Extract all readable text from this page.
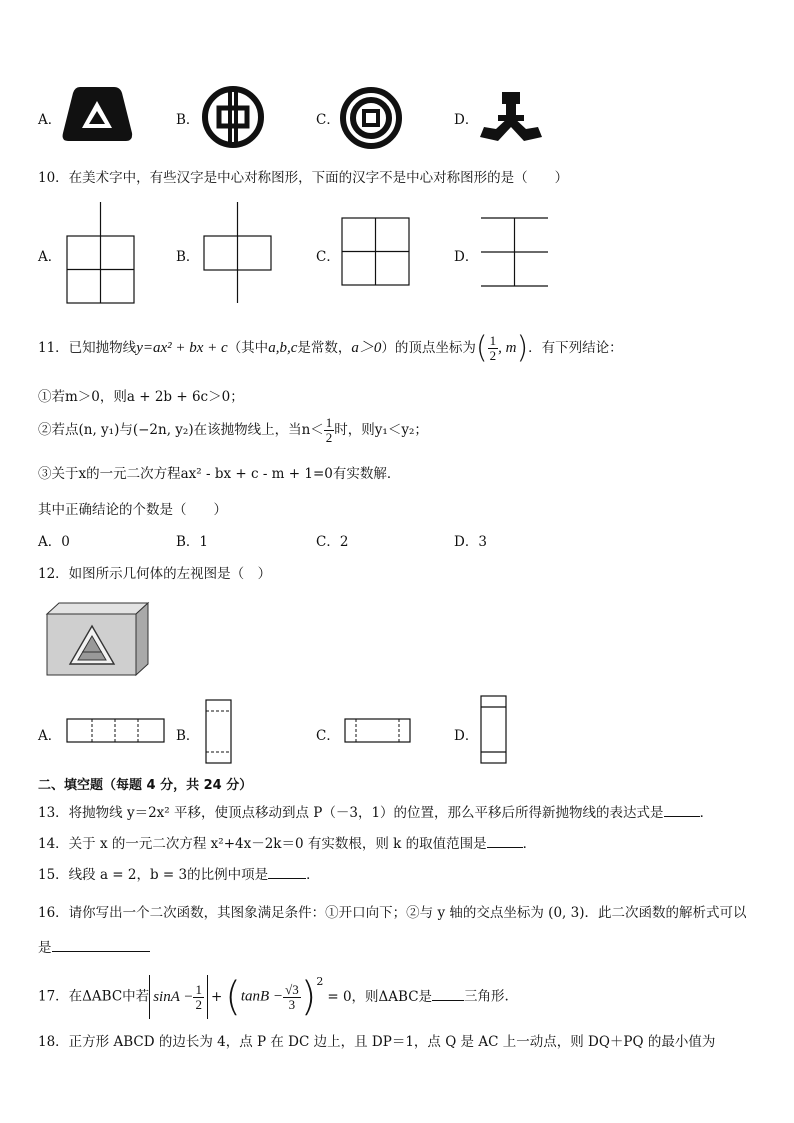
A．	B．	C．	D．
10．在美术字中，有些汉字是中心对称图形，下面的汉字不是中心对称图形的是（　　）
A．	B．	C．	D．
11．已知抛物线y=ax² + bx + c（其中a,b,c是常数，a＞0）的顶点坐标为( $\frac{1}{2}$ , m)．有下列结论：
①若m＞0，则a + 2b + 6c＞0；
②若点(n, y₁)与(−2n, y₂)在该抛物线上，当$n< \frac{1}{2}$ 时，则y₁＜y₂；
③关于x的一元二次方程ax² - bx + c - m + 1=0有实数解．
其中正确结论的个数是（　　）
A．0	B．1	C．2	D．3
12．如图所示几何体的左视图是（　）
A．	B．	C．	D．
二、填空题（每题 4 分，共 24 分）
13．将抛物线 y＝2x² 平移，使顶点移动到点 P（－3，1）的位置，那么平移后所得新抛物线的表达式是	．
14．关于 x 的一元二次方程 x²+4x－2k＝0 有实数根，则 k 的取值范围是	．
15．线段 a = 2，b = 3的比例中项是	．
16．请你写出一个二次函数，其图象满足条件：①开口向下；②与 y 轴的交点坐标为 (0, 3)．此二次函数的解析式可以
是
17．在ΔABC中若 $\sin A - \frac{1}{2} +(\tan B - \frac{√3}{3} )^2= 0$，则ΔABC是 三角形.
18．正方形 ABCD 的边长为 4，点 P 在 DC 边上，且 DP＝1，点 Q 是 AC 上一动点，则 DQ＋PQ 的最小值为
